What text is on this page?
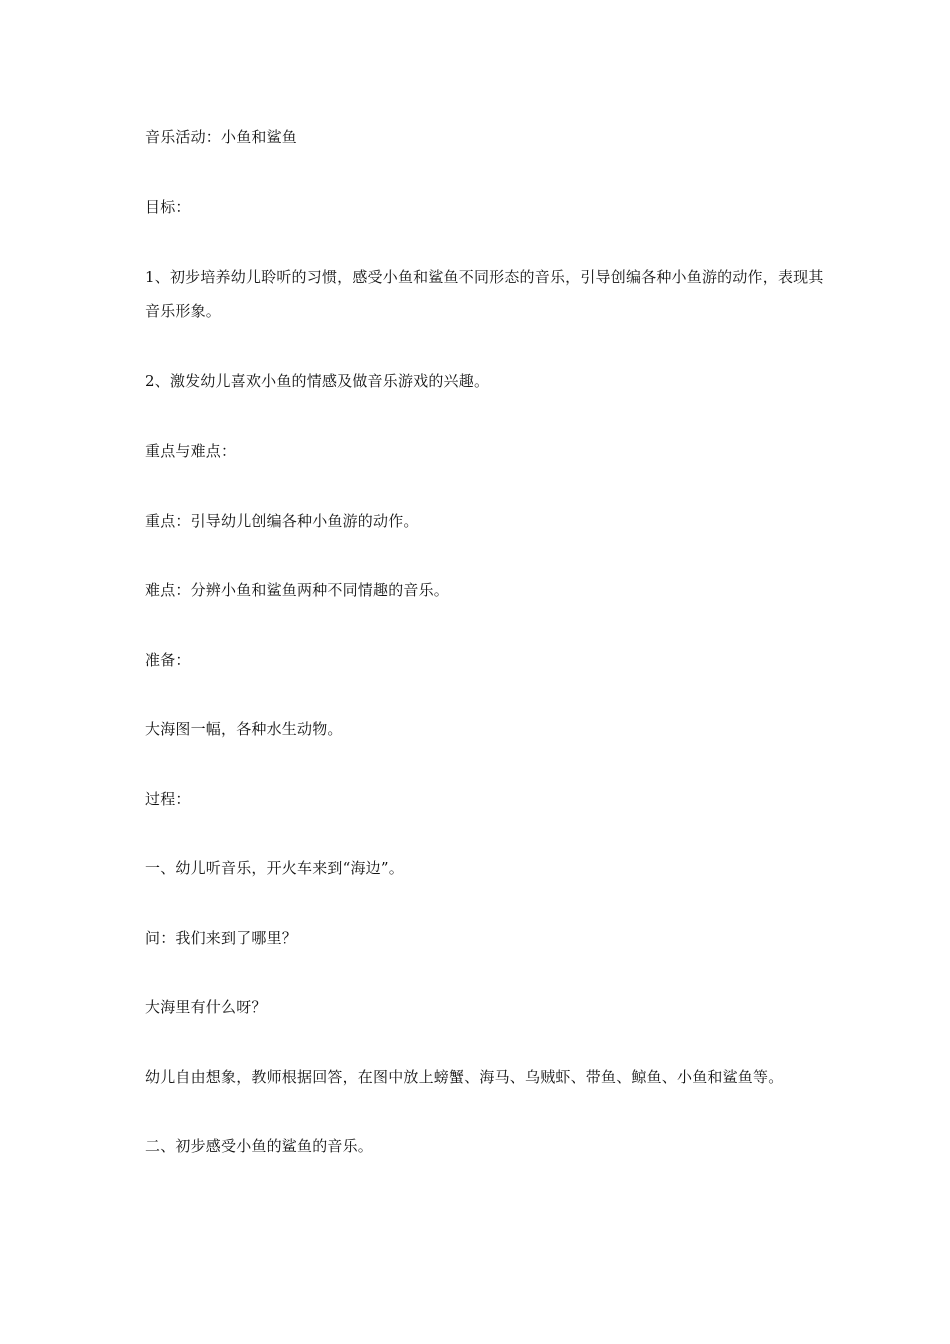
音乐活动：小鱼和鲨鱼

目标：

1、初步培养幼儿聆听的习惯，感受小鱼和鲨鱼不同形态的音乐，引导创编各种小鱼游的动作，表现其音乐形象。

2、激发幼儿喜欢小鱼的情感及做音乐游戏的兴趣。

重点与难点：

重点：引导幼儿创编各种小鱼游的动作。

难点：分辨小鱼和鲨鱼两种不同情趣的音乐。

准备：

大海图一幅，各种水生动物。

过程：

一、幼儿听音乐，开火车来到“海边”。

问：我们来到了哪里？

大海里有什么呀？

幼儿自由想象，教师根据回答，在图中放上螃蟹、海马、乌贼虾、带鱼、鲸鱼、小鱼和鲨鱼等。

二、初步感受小鱼的鲨鱼的音乐。
